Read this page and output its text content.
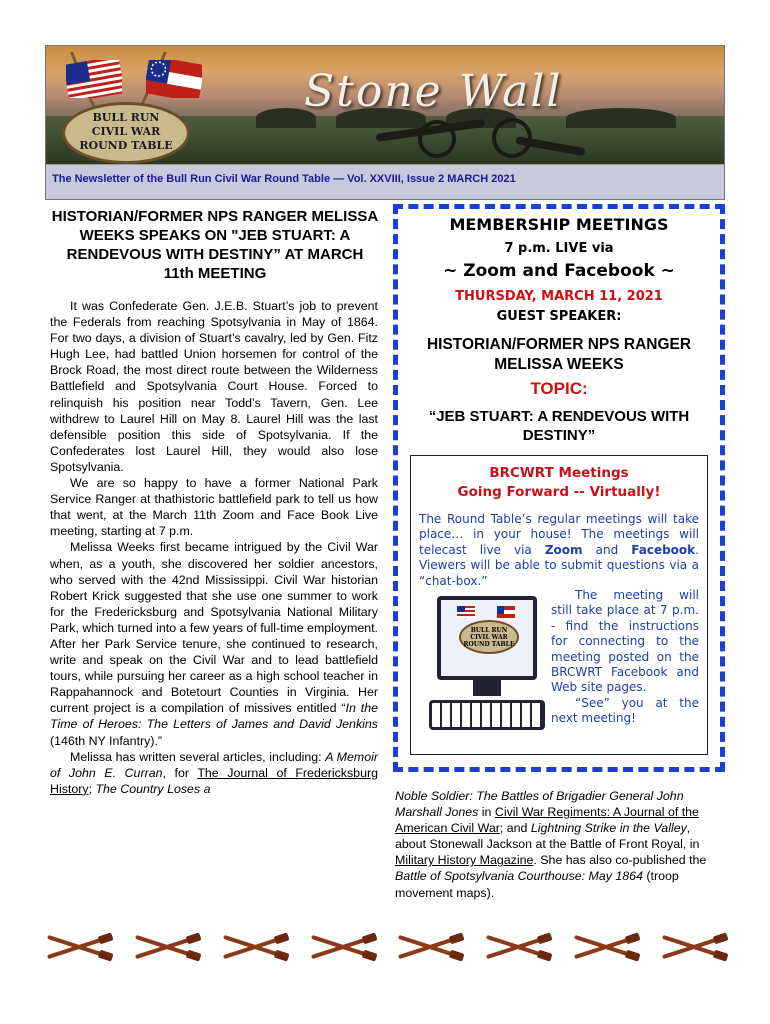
Stone Wall
BULL RUN
CIVIL WAR
ROUND TABLE
The Newsletter of the Bull Run Civil War Round Table — Vol. XXVIII, Issue 2 MARCH 2021
HISTORIAN/FORMER NPS RANGER MELISSA WEEKS SPEAKS ON "JEB STUART: A RENDEVOUS WITH DESTINY” AT MARCH 11th MEETING

It was Confederate Gen. J.E.B. Stuart’s job to prevent the Federals from reaching Spotsylvania in May of 1864. For two days, a division of Stuart’s cavalry, led by Gen. Fitz Hugh Lee, had battled Union horsemen for control of the Brock Road, the most direct route between the Wilderness Battlefield and Spotsylvania Court House. Forced to relinquish his position near Todd’s Tavern, Gen. Lee withdrew to Laurel Hill on May 8. Laurel Hill was the last defensible position this side of Spotsylvania. If the Confederates lost Laurel Hill, they would also lose Spotsylvania.

We are so happy to have a former National Park Service Ranger at thathistoric battlefield park to tell us how that went, at the March 11th Zoom and Face Book Live meeting, starting at 7 p.m.

Melissa Weeks first became intrigued by the Civil War when, as a youth, she discovered her soldier ancestors, who served with the 42nd Mississippi. Civil War historian Robert Krick suggested that she use one summer to work for the Fredericksburg and Spotsylvania National Military Park, which turned into a few years of full-time employment. After her Park Service tenure, she continued to research, write and speak on the Civil War and to lead battlefield tours, while pursuing her career as a high school teacher in Rappahannock and Botetourt Counties in Virginia. Her current project is a compilation of missives entitled “In the Time of Heroes: The Letters of James and David Jenkins (146th NY Infantry).”

Melissa has written several articles, including: A Memoir of John E. Curran, for The Journal of Fredericksburg History; The Country Loses a

MEMBERSHIP MEETINGS
7 p.m. LIVE via
~ Zoom and Facebook ~
THURSDAY, MARCH 11, 2021
GUEST SPEAKER:
HISTORIAN/FORMER NPS RANGER MELISSA WEEKS
TOPIC:
“JEB STUART: A RENDEVOUS WITH DESTINY”
BRCWRT Meetings
Going Forward -- Virtually!
The Round Table’s regular meetings will take place… in your house! The meetings will telecast live via Zoom and Facebook. Viewers will be able to submit questions via a “chat-box.”
BULL RUN
CIVIL WAR
ROUND TABLE

The meeting will still take place at 7 p.m. - find the instructions for connecting to the meeting posted on the BRCWRT Facebook and Web site pages.

“See” you at the next meeting!

Noble Soldier: The Battles of Brigadier General John Marshall Jones in Civil War Regiments: A Journal of the American Civil War; and Lightning Strike in the Valley, about Stonewall Jackson at the Battle of Front Royal, in Military History Magazine. She has also co-published the Battle of Spotsylvania Courthouse: May 1864 (troop movement maps).
